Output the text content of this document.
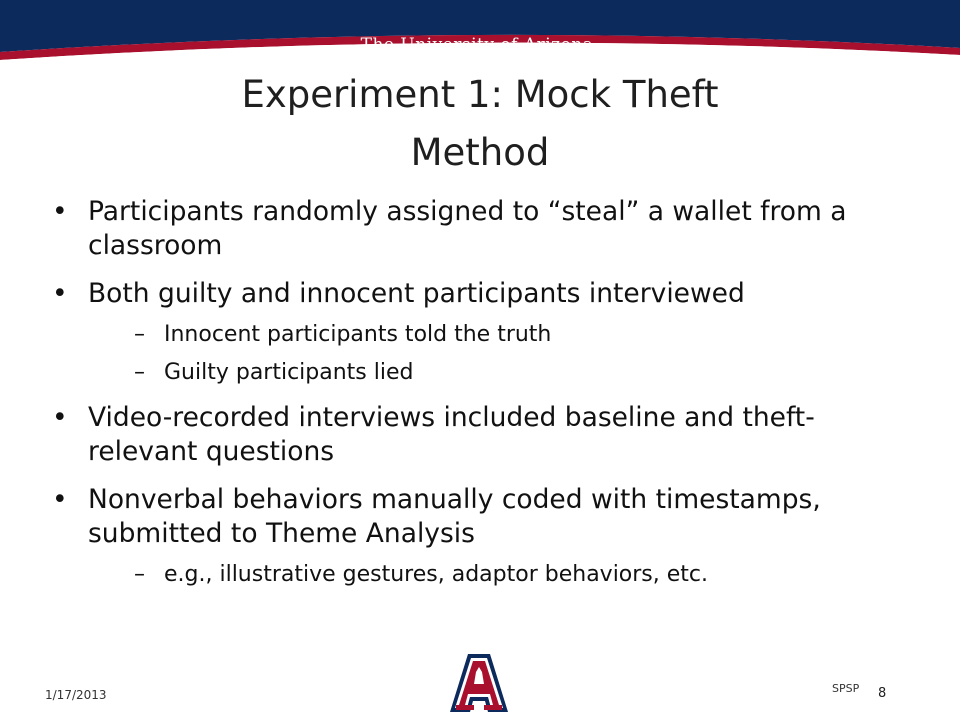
The University of Arizona.
Experiment 1: Mock Theft
Method
• Participants randomly assigned to “steal” a wallet from a classroom
• Both guilty and innocent participants interviewed
– Innocent participants told the truth
– Guilty participants lied
• Video-recorded interviews included baseline and theft-relevant questions
• Nonverbal behaviors manually coded with timestamps, submitted to Theme Analysis
– e.g., illustrative gestures, adaptor behaviors, etc.
1/17/2013	SPSP 8
